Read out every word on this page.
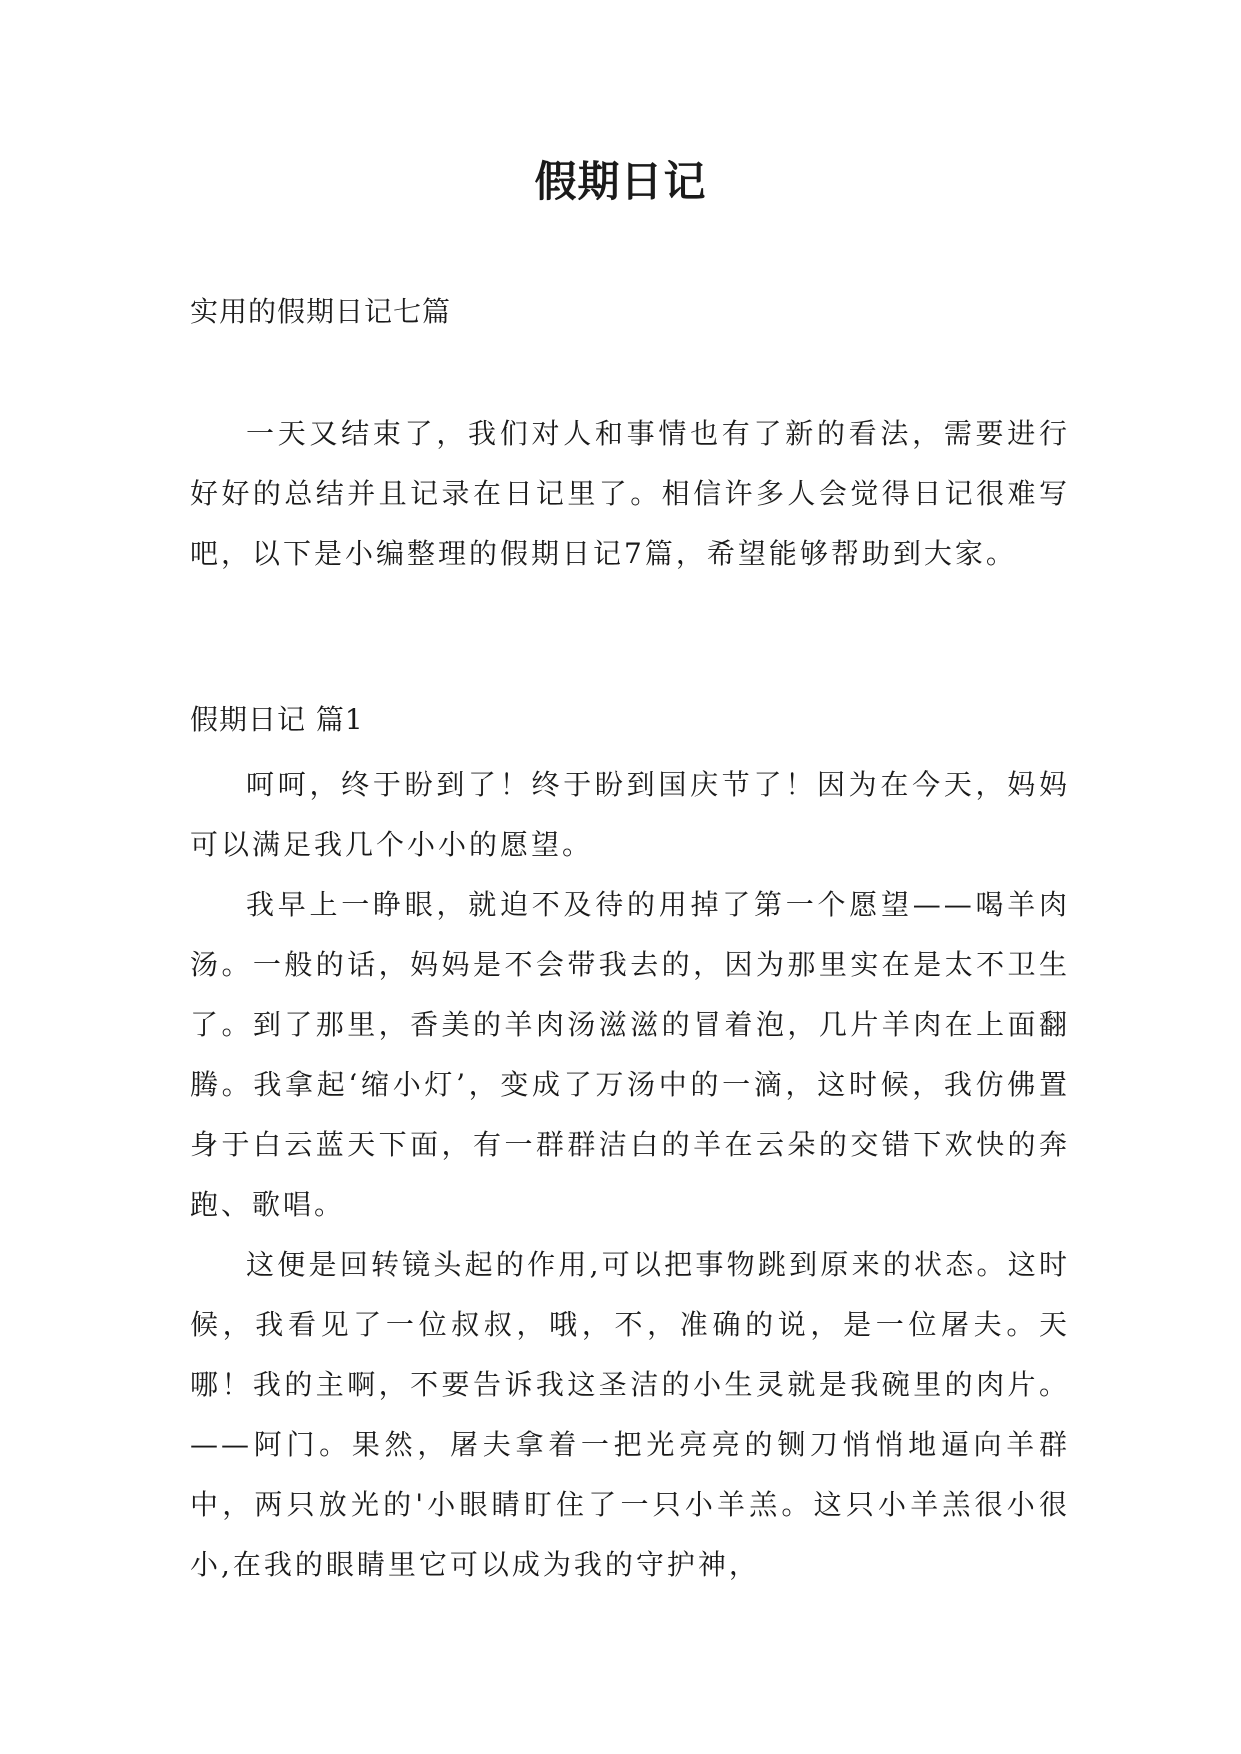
假期日记
实用的假期日记七篇

一天又结束了，我们对人和事情也有了新的看法，需要进行好好的总结并且记录在日记里了。相信许多人会觉得日记很难写吧，以下是小编整理的假期日记7篇，希望能够帮助到大家。

假期日记 篇1

呵呵，终于盼到了！终于盼到国庆节了！因为在今天，妈妈可以满足我几个小小的愿望。

我早上一睁眼，就迫不及待的用掉了第一个愿望——喝羊肉汤。一般的话，妈妈是不会带我去的，因为那里实在是太不卫生了。到了那里，香美的羊肉汤滋滋的冒着泡，几片羊肉在上面翻腾。我拿起‘缩小灯’，变成了万汤中的一滴，这时候，我仿佛置身于白云蓝天下面，有一群群洁白的羊在云朵的交错下欢快的奔跑、歌唱。

这便是回转镜头起的作用,可以把事物跳到原来的状态。这时候，我看见了一位叔叔，哦，不，准确的说，是一位屠夫。天哪！我的主啊，不要告诉我这圣洁的小生灵就是我碗里的肉片。——阿门。果然，屠夫拿着一把光亮亮的铡刀悄悄地逼向羊群中，两只放光的'小眼睛盯住了一只小羊羔。这只小羊羔很小很小,在我的眼睛里它可以成为我的守护神，
